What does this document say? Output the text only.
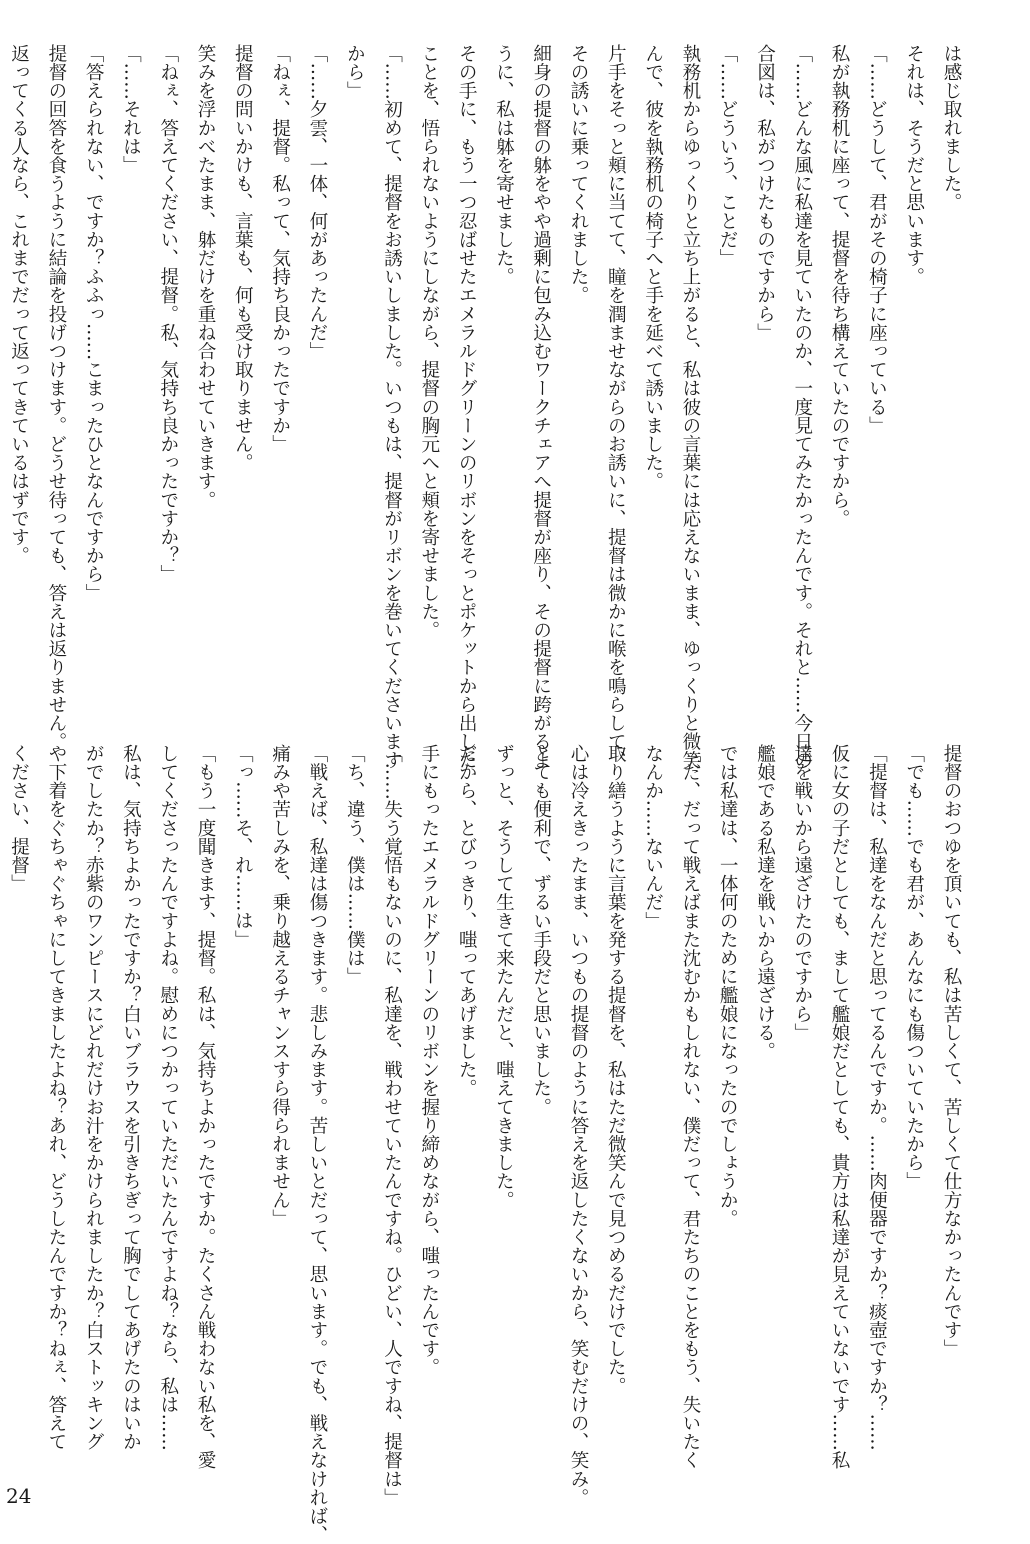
は感じ取れました。
それは、そうだと思います。
「……どうして、君がその椅子に座っている」
私が執務机に座って、提督を待ち構えていたのですから。
「……どんな風に私達を見ていたのか、一度見てみたかったんです。それと……今日の
合図は、私がつけたものですから」
「……どういう、ことだ」
執務机からゆっくりと立ち上がると、私は彼の言葉には応えないまま、ゆっくりと微笑
んで、彼を執務机の椅子へと手を延べて誘いました。
片手をそっと頬に当てて、瞳を潤ませながらのお誘いに、提督は微かに喉を鳴らして、
その誘いに乗ってくれました。
細身の提督の躰をやや過剰に包み込むワークチェアへ提督が座り、その提督に跨がるよ
うに、私は躰を寄せました。
その手に、もう一つ忍ばせたエメラルドグリーンのリボンをそっとポケットから出した
ことを、悟られないようにしながら、提督の胸元へと頬を寄せました。
「……初めて、提督をお誘いしました。いつもは、提督がリボンを巻いてくださいます
から」
「……夕雲、一体、何があったんだ」
「ねぇ、提督。私って、気持ち良かったですか」
提督の問いかけも、言葉も、何も受け取りません。
笑みを浮かべたまま、躰だけを重ね合わせていきます。
「ねぇ、答えてください、提督。私、気持ち良かったですか？」
「……それは」
「答えられない、ですか？ふふっ……こまったひとなんですから」
提督の回答を食うように結論を投げつけます。どうせ待っても、答えは返りません。
返ってくる人なら、これまでだって返ってきているはずです。
提督のおつゆを頂いても、私は苦しくて、苦しくて仕方なかったんです」
「でも……でも君が、あんなにも傷ついていたから」
「提督は、私達をなんだと思ってるんですか。……肉便器ですか？痰壺ですか？……
仮に女の子だとしても、まして艦娘だとしても、貴方は私達が見えていないです……私
達を戦いから遠ざけたのですから」
艦娘である私達を戦いから遠ざける。
では私達は、一体何のために艦娘になったのでしょうか。
「だ、だって戦えばまた沈むかもしれない、僕だって、君たちのことをもう、失いたく
なんか……ないんだ」
取り繕うように言葉を発する提督を、私はただ微笑んで見つめるだけでした。
心は冷えきったまま、いつもの提督のように答えを返したくないから、笑むだけの、笑み。
とても便利で、ずるい手段だと思いました。
ずっと、そうして生きて来たんだと、嗤えてきました。
だから、とびっきり、嗤ってあげました。
手にもったエメラルドグリーンのリボンを握り締めながら、嗤ったんです。
「……失う覚悟もないのに、私達を、戦わせていたんですね。ひどい、人ですね、提督は」
「ち、違う、僕は……僕は」
「戦えば、私達は傷つきます。悲しみます。苦しいとだって、思います。でも、戦えなければ、
痛みや苦しみを、乗り越えるチャンスすら得られません」
「っ……そ、れ……は」
「もう一度聞きます、提督。私は、気持ちよかったですか。たくさん戦わない私を、愛
してくださったんですよね。慰めにつかっていただいたんですよね？なら、私は……
私は、気持ちよかったですか？白いブラウスを引きちぎって胸でしてあげたのはいか
がでしたか？赤紫のワンピースにどれだけお汁をかけられましたか？白ストッキング
や下着をぐちゃぐちゃにしてきましたよね？あれ、どうしたんですか？ねぇ、答えて
ください、提督」
24
